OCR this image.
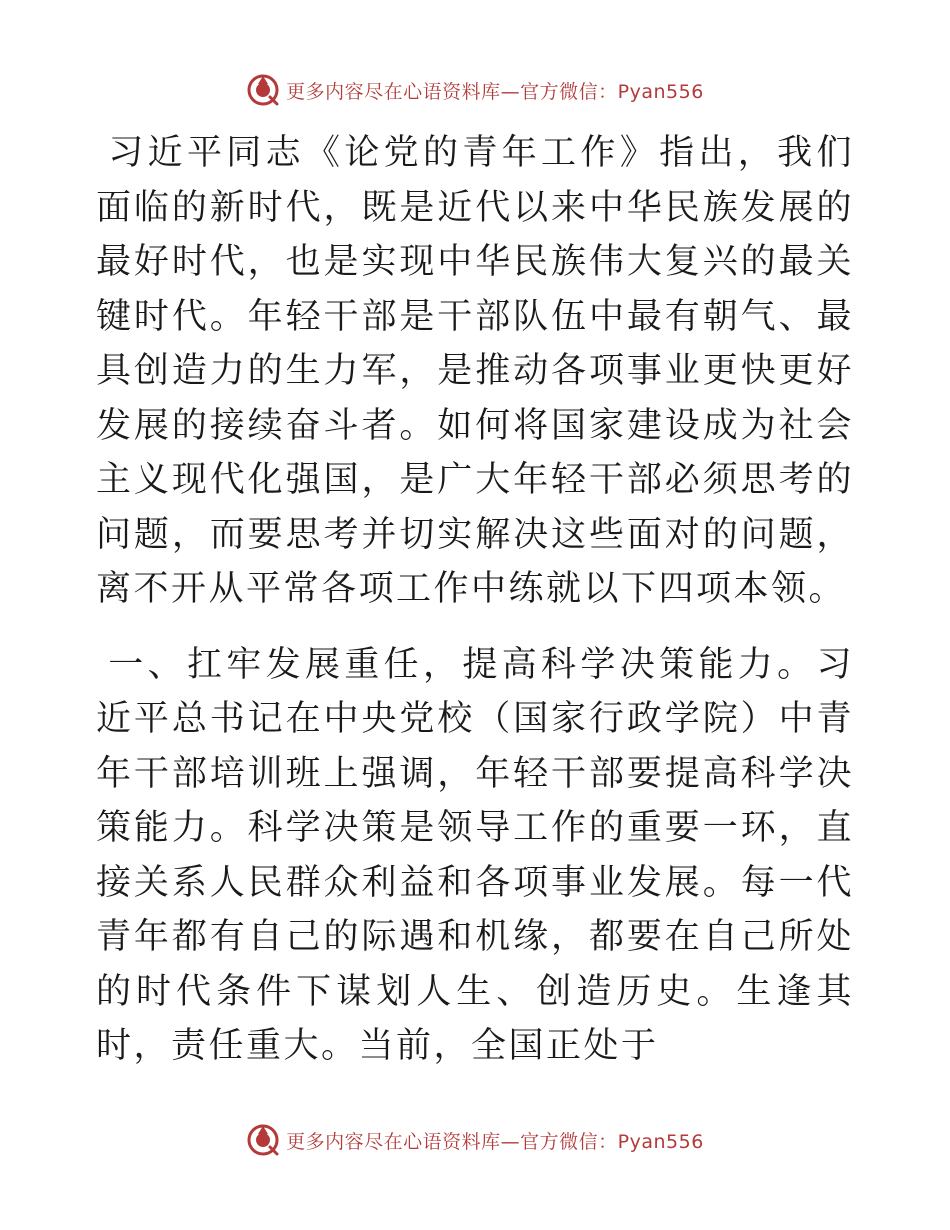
更多内容尽在心语资料库—官方微信：Pyan556

习近平同志《论党的青年工作》指出，我们面临的新时代，既是近代以来中华民族发展的最好时代，也是实现中华民族伟大复兴的最关键时代。年轻干部是干部队伍中最有朝气、最具创造力的生力军，是推动各项事业更快更好发展的接续奋斗者。如何将国家建设成为社会主义现代化强国，是广大年轻干部必须思考的问题，而要思考并切实解决这些面对的问题，离不开从平常各项工作中练就以下四项本领。

一、扛牢发展重任，提高科学决策能力。习近平总书记在中央党校（国家行政学院）中青年干部培训班上强调，年轻干部要提高科学决策能力。科学决策是领导工作的重要一环，直接关系人民群众利益和各项事业发展。每一代青年都有自己的际遇和机缘，都要在自己所处的时代条件下谋划人生、创造历史。生逢其时，责任重大。当前，全国正处于

更多内容尽在心语资料库—官方微信：Pyan556
